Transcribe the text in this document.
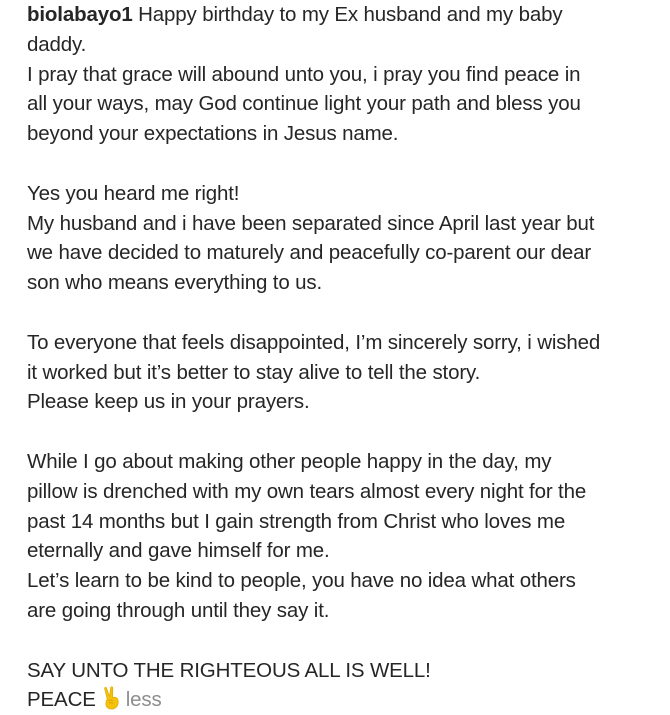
biolabayo1 Happy birthday to my Ex husband and my baby
daddy.
I pray that grace will abound unto you, i pray you find peace in
all your ways, may God continue light your path and bless you
beyond your expectations in Jesus name.
Yes you heard me right!
My husband and i have been separated since April last year but
we have decided to maturely and peacefully co-parent our dear
son who means everything to us.
To everyone that feels disappointed, I’m sincerely sorry, i wished
it worked but it’s better to stay alive to tell the story.
Please keep us in your prayers.
While I go about making other people happy in the day, my
pillow is drenched with my own tears almost every night for the
past 14 months but I gain strength from Christ who loves me
eternally and gave himself for me.
Let’s learn to be kind to people, you have no idea what others
are going through until they say it.
SAY UNTO THE RIGHTEOUS ALL IS WELL!
PEACE less
